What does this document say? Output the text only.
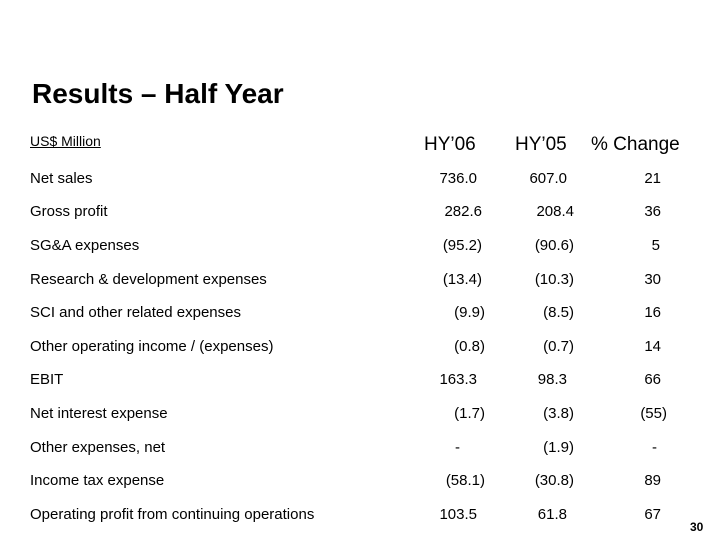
Results – Half Year
US$ Million	HY’06 HY’05 % Change
Net sales	736.0	607.0	21
Gross profit	282.6	208.4	36
SG&A expenses	(95.2)	(90.6)	5
Research & development expenses	(13.4)	(10.3)	30
SCI and other related expenses	(9.9)	(8.5)	16
Other operating income / (expenses)	(0.8)	(0.7)	14
EBIT	163.3	98.3	66
Net interest expense	(1.7)	(3.8)	(55)
Other expenses, net	-	(1.9)	-
Income tax expense	(58.1)	(30.8)	89
Operating profit from continuing operations	103.5	61.8	67
30
